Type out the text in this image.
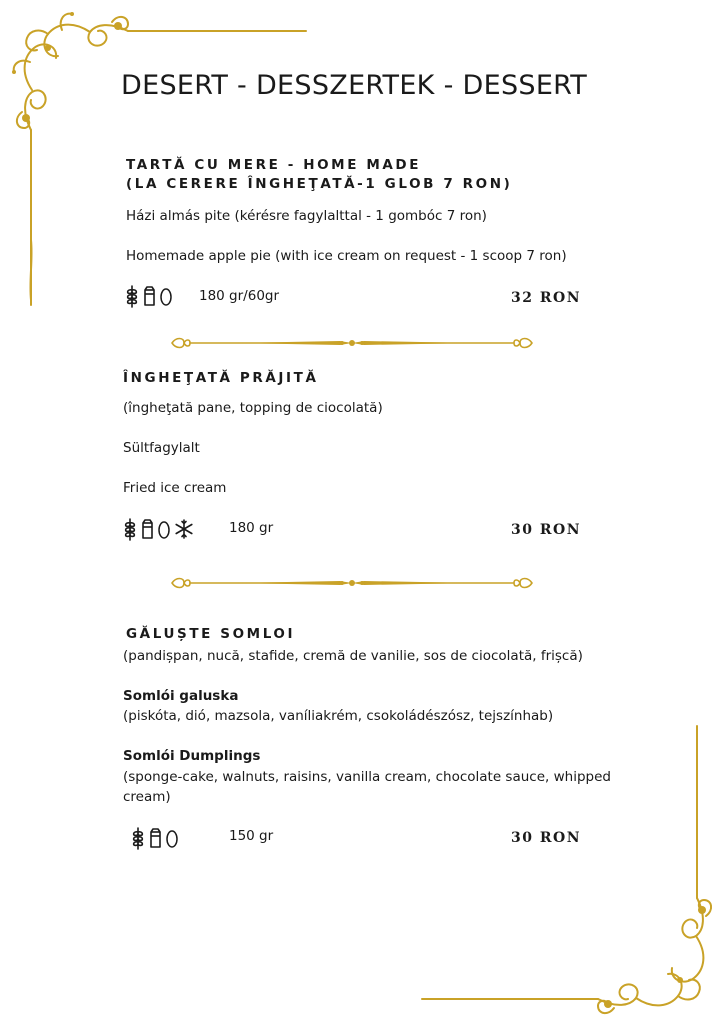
DESERT - DESSZERTEK - DESSERT
TARTĂ CU MERE - HOME MADE
(LA CERERE ÎNGHEŢATĂ-1 GLOB 7 RON)
Házi almás pite (kérésre fagylalttal - 1 gombóc 7 ron)
Homemade apple pie (with ice cream on request - 1 scoop 7 ron)
180 gr/60gr	32 RON
ÎNGHEŢATĂ PRĂJITĂ
(îngheţată pane, topping de ciocolată)
Sültfagylalt
Fried ice cream
180 gr	30 RON
GĂLUȘTE SOMLOI
(pandișpan, nucă, stafide, cremă de vanilie, sos de ciocolată, frișcă)
Somlói galuska
(piskóta, dió, mazsola, vaníliakrém, csokoládészósz, tejszínhab)
Somlói Dumplings
(sponge-cake, walnuts, raisins, vanilla cream, chocolate sauce, whipped
cream)
150 gr	30 RON
